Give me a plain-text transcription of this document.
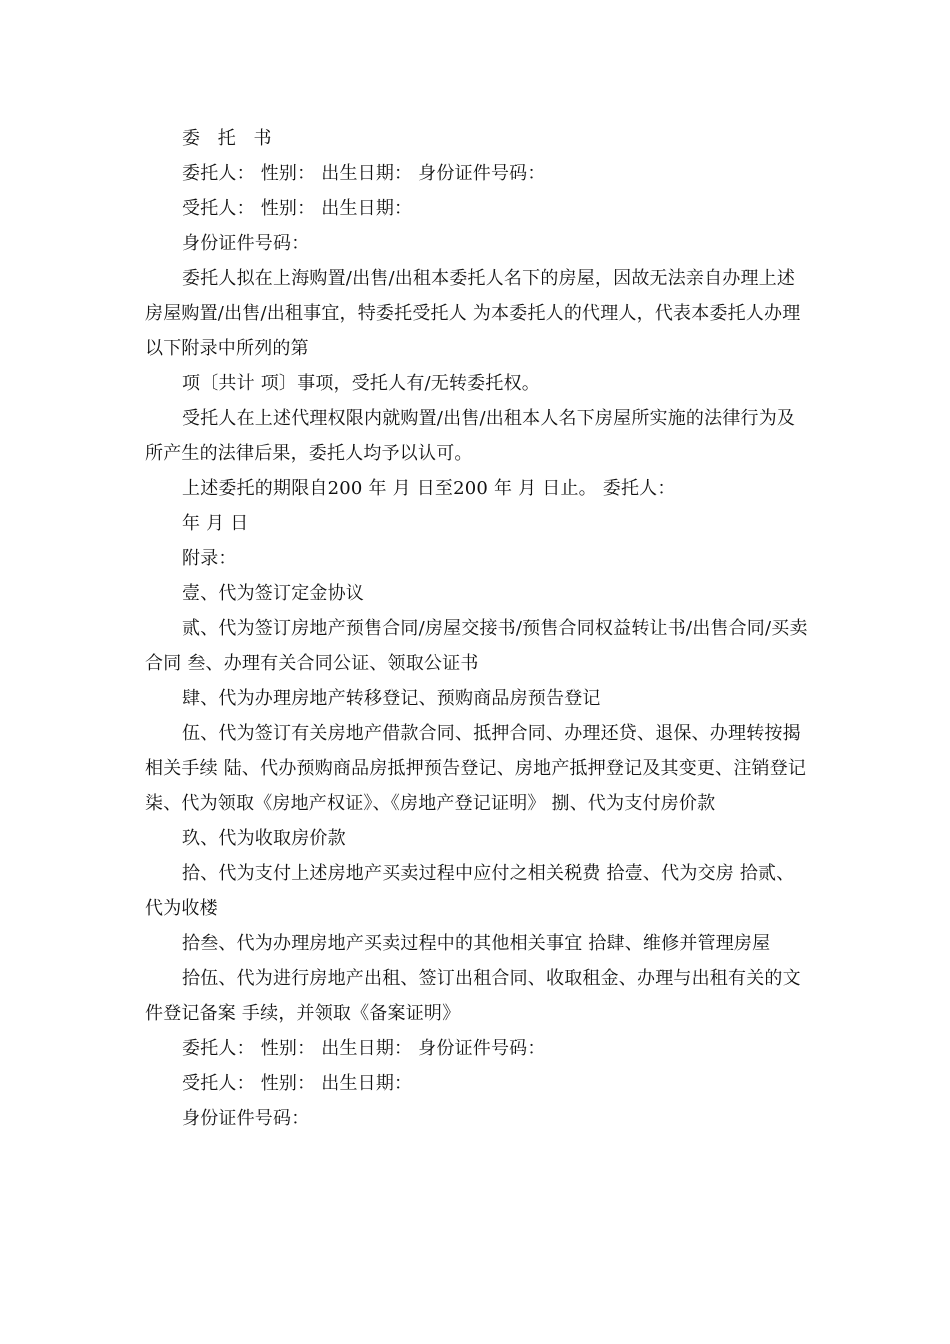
委 托 书

委托人： 性别： 出生日期： 身份证件号码：

受托人： 性别： 出生日期：

身份证件号码：

委托人拟在上海购置/出售/出租本委托人名下的房屋，因故无法亲自办理上述房屋购置/出售/出租事宜，特委托受托人 为本委托人的代理人，代表本委托人办理以下附录中所列的第

项〔共计 项〕事项，受托人有/无转委托权。

受托人在上述代理权限内就购置/出售/出租本人名下房屋所实施的法律行为及所产生的法律后果，委托人均予以认可。

上述委托的期限自200 年 月 日至200 年 月 日止。 委托人：

年 月 日

附录：

壹、代为签订定金协议

贰、代为签订房地产预售合同/房屋交接书/预售合同权益转让书/出售合同/买卖合同 叁、办理有关合同公证、领取公证书

肆、代为办理房地产转移登记、预购商品房预告登记

伍、代为签订有关房地产借款合同、抵押合同、办理还贷、退保、办理转按揭相关手续 陆、代办预购商品房抵押预告登记、房地产抵押登记及其变更、注销登记 柒、代为领取《房地产权证》、《房地产登记证明》 捌、代为支付房价款

玖、代为收取房价款

拾、代为支付上述房地产买卖过程中应付之相关税费 拾壹、代为交房 拾贰、代为收楼

拾叁、代为办理房地产买卖过程中的其他相关事宜 拾肆、维修并管理房屋

拾伍、代为进行房地产出租、签订出租合同、收取租金、办理与出租有关的文件登记备案 手续，并领取《备案证明》

委托人： 性别： 出生日期： 身份证件号码：

受托人： 性别： 出生日期：

身份证件号码：
